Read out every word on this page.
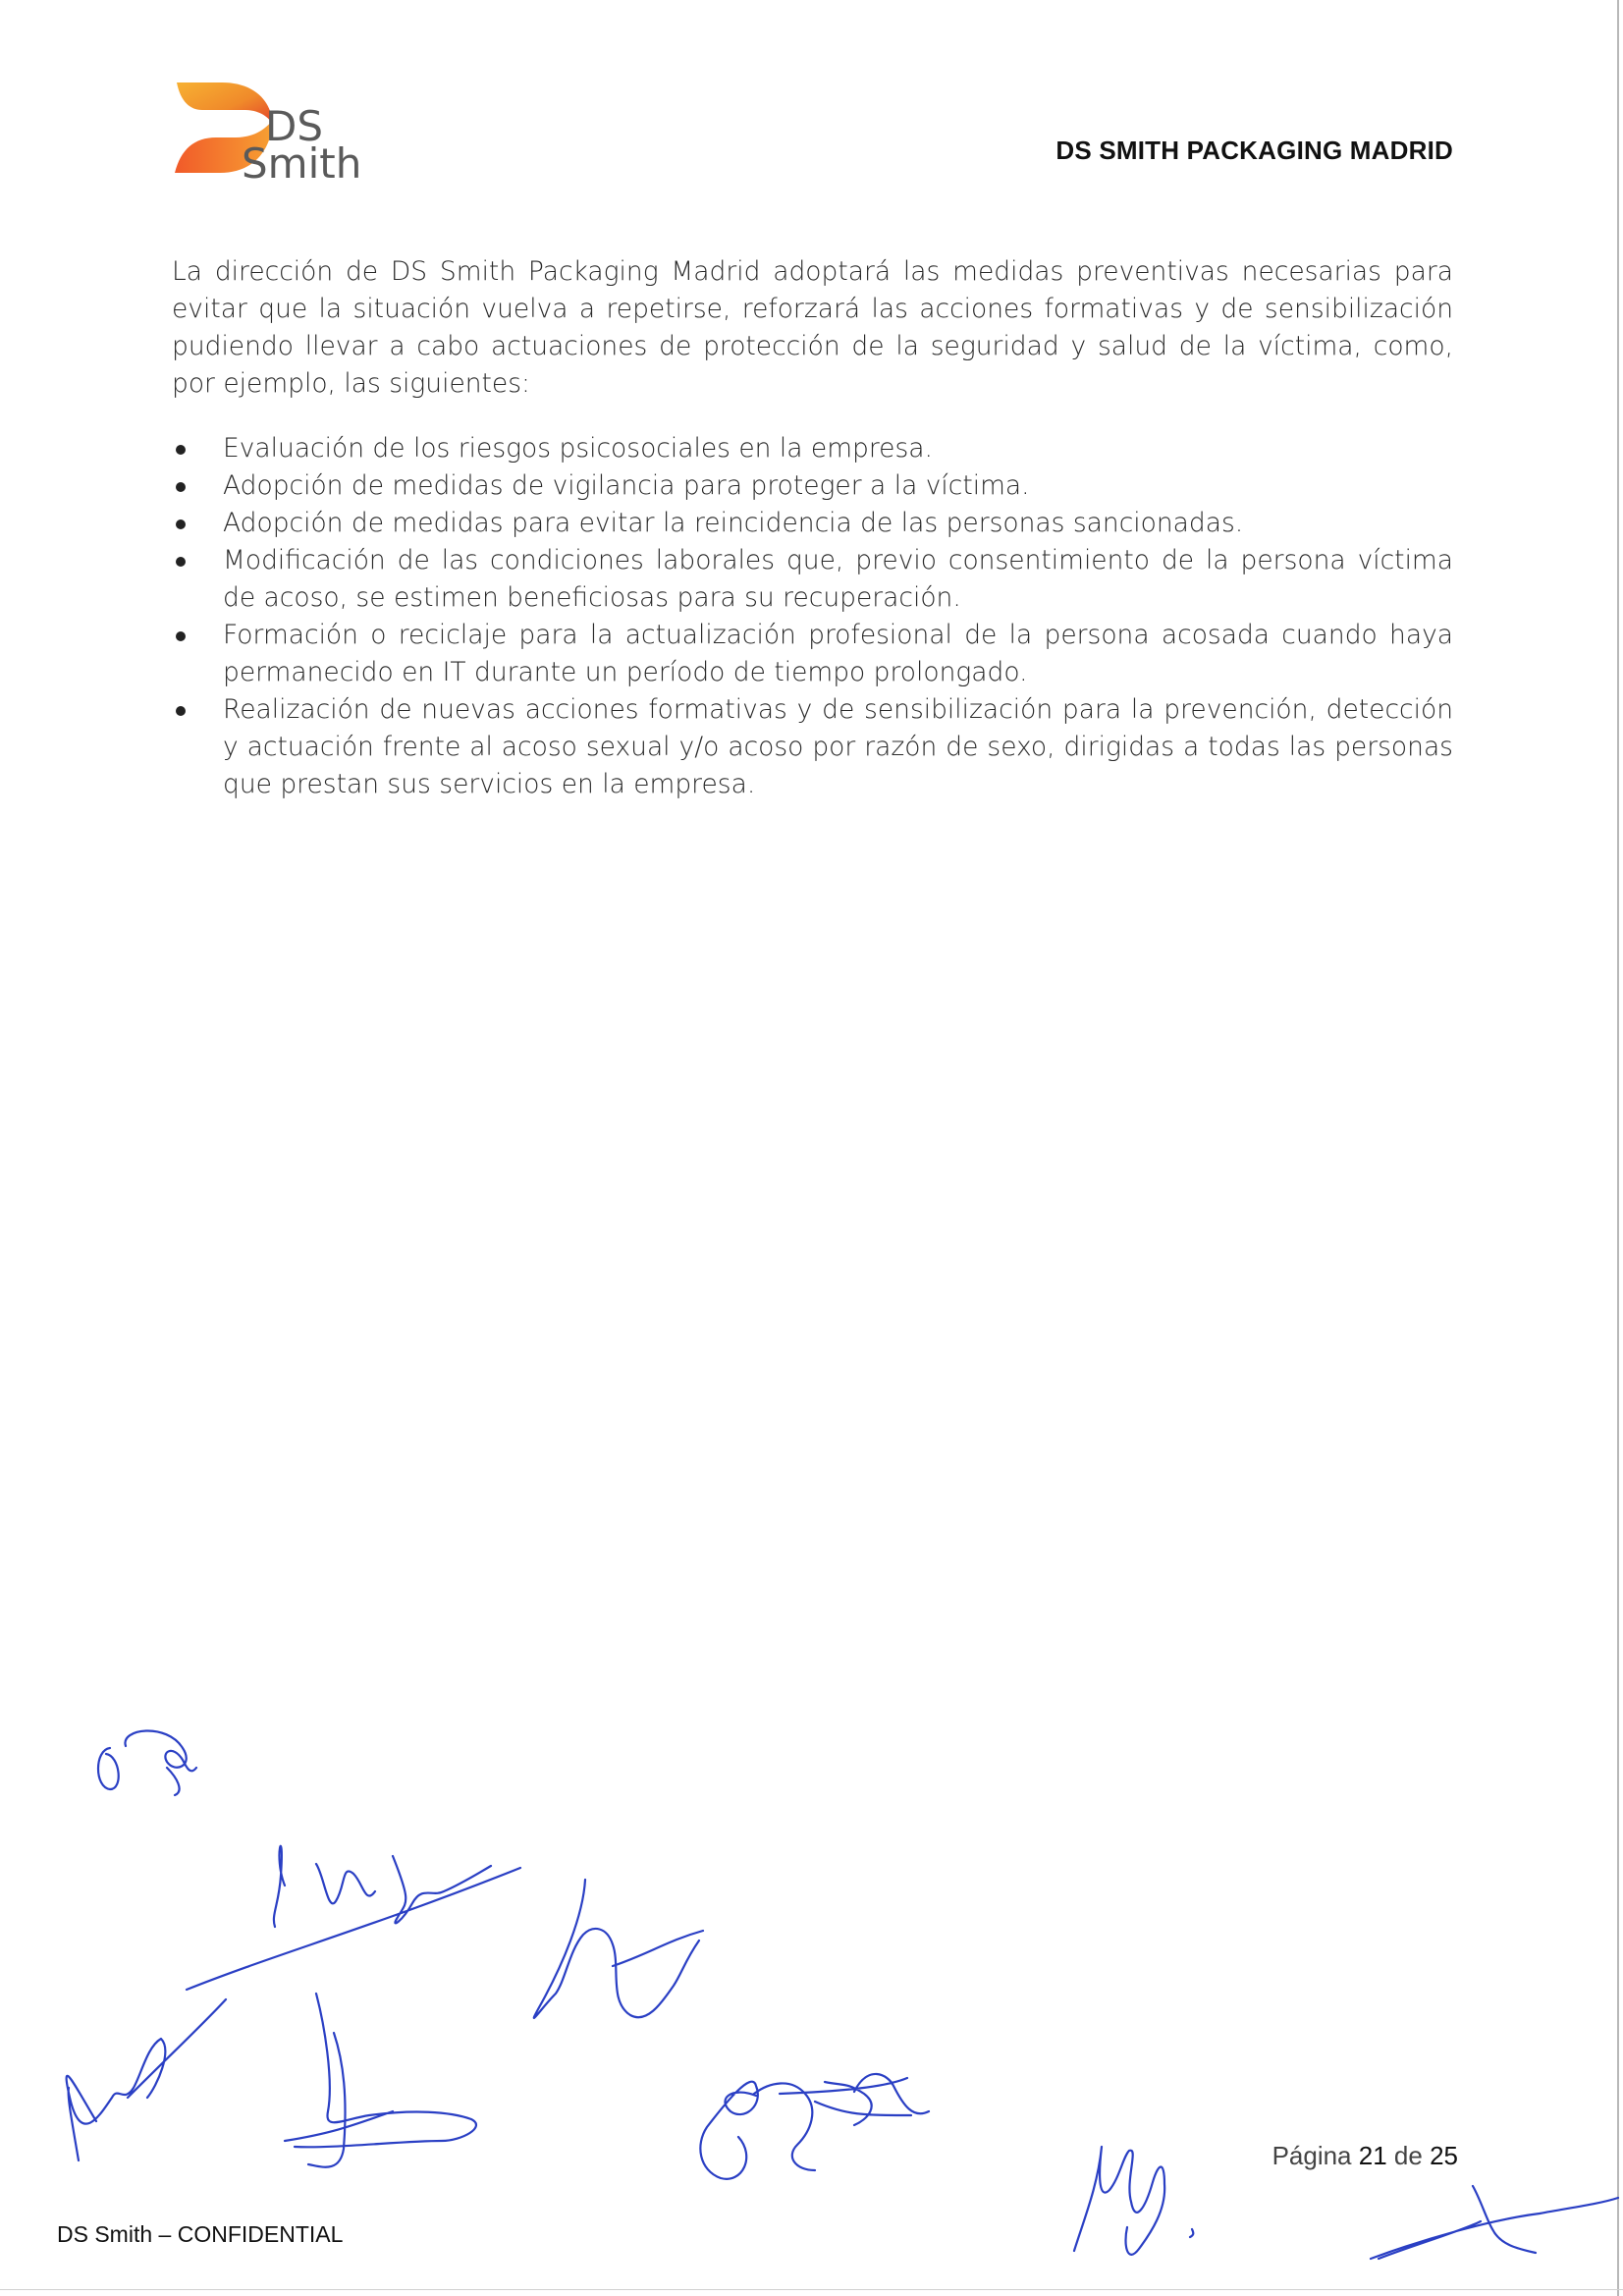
DS
Smith	DS SMITH PACKAGING MADRID

La dirección de DS Smith Packaging Madrid adoptará las medidas preventivas necesarias para evitar que la situación vuelva a repetirse, reforzará las acciones formativas y de sensibilización pudiendo llevar a cabo actuaciones de protección de la seguridad y salud de la víctima, como, por ejemplo, las siguientes:

Evaluación de los riesgos psicosociales en la empresa.
Adopción de medidas de vigilancia para proteger a la víctima.
Adopción de medidas para evitar la reincidencia de las personas sancionadas.
Modificación de las condiciones laborales que, previo consentimiento de la persona víctima de acoso, se estimen beneficiosas para su recuperación.
Formación o reciclaje para la actualización profesional de la persona acosada cuando haya permanecido en IT durante un período de tiempo prolongado.
Realización de nuevas acciones formativas y de sensibilización para la prevención, detección y actuación frente al acoso sexual y/o acoso por razón de sexo, dirigidas a todas las personas que prestan sus servicios en la empresa.
Página 21 de 25
DS Smith – CONFIDENTIAL
